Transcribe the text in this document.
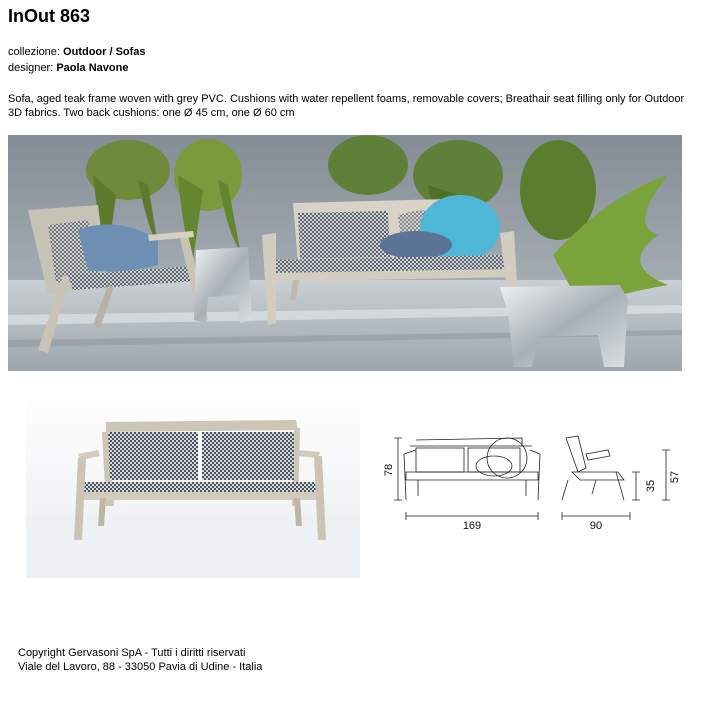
InOut 863
collezione: Outdoor / Sofas
designer: Paola Navone
Sofa, aged teak frame woven with grey PVC. Cushions with water repellent foams, removable covers; Breathair seat filling only for Outdoor 3D fabrics. Two back cushions: one Ø 45 cm, one Ø 60 cm
78
169	90
35
57
Copyright Gervasoni SpA - Tutti i diritti riservati
Viale del Lavoro, 88 - 33050 Pavia di Udine - Italia
